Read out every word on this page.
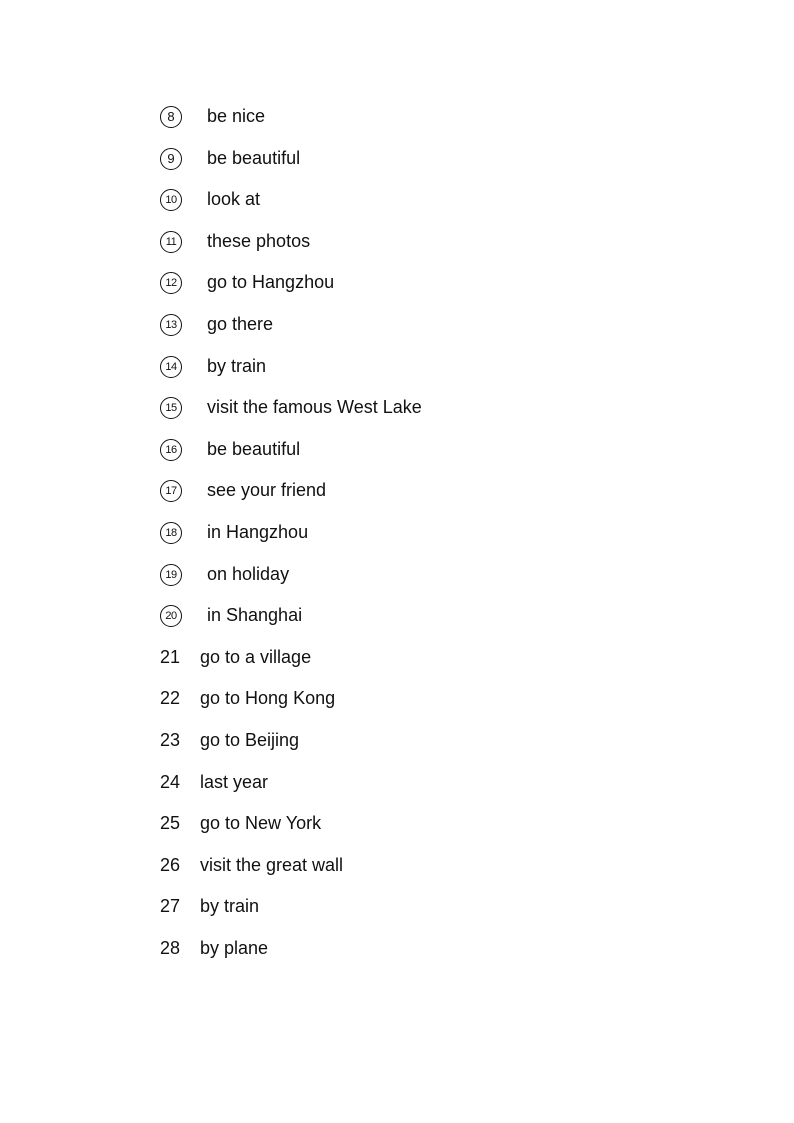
8	be nice
9	be beautiful
10 look at
11	these photos
12 go to Hangzhou
13 go there
14 by train
15 visit the famous West Lake
16 be beautiful
17 see your friend
18 in Hangzhou
19 on holiday
20 in Shanghai
21 go to a village
22 go to Hong Kong
23 go to Beijing
24 last year
25 go to New York
26 visit the great wall
27 by train
28 by plane
